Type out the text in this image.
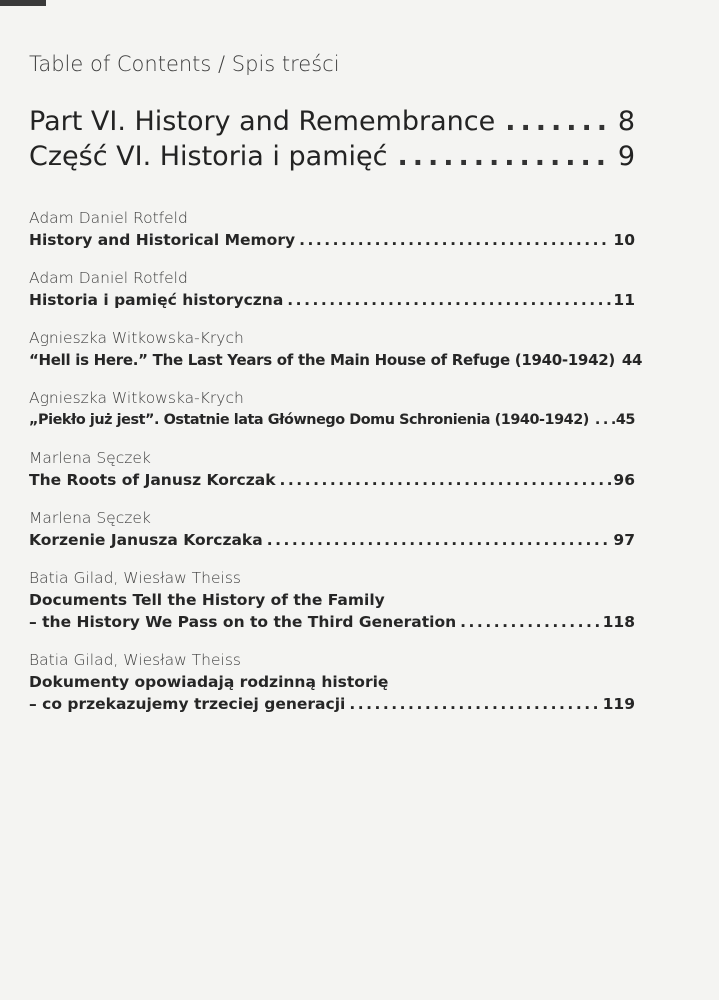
Table of Contents / Spis treści
Part VI. History and Remembrance .....	8
Część VI. Historia i pamięć .....	9
Adam Daniel Rotfeld
History and Historical Memory .....	10
Adam Daniel Rotfeld
Historia i pamięć historyczna .....	11
Agnieszka Witkowska-Krych
“Hell is Here.” The Last Years of the Main House of Refuge (1940-1942) 44
Agnieszka Witkowska-Krych
„Piekło już jest”. Ostatnie lata Głównego Domu Schronienia (1940-1942) ..... 45
Marlena Sęczek
The Roots of Janusz Korczak .....	96
Marlena Sęczek
Korzenie Janusza Korczaka .....	97
Batia Gilad, Wiesław Theiss
Documents Tell the History of the Family
– the History We Pass on to the Third Generation .....	118
Batia Gilad, Wiesław Theiss
Dokumenty opowiadają rodzinną historię
– co przekazujemy trzeciej generacji .....	119
